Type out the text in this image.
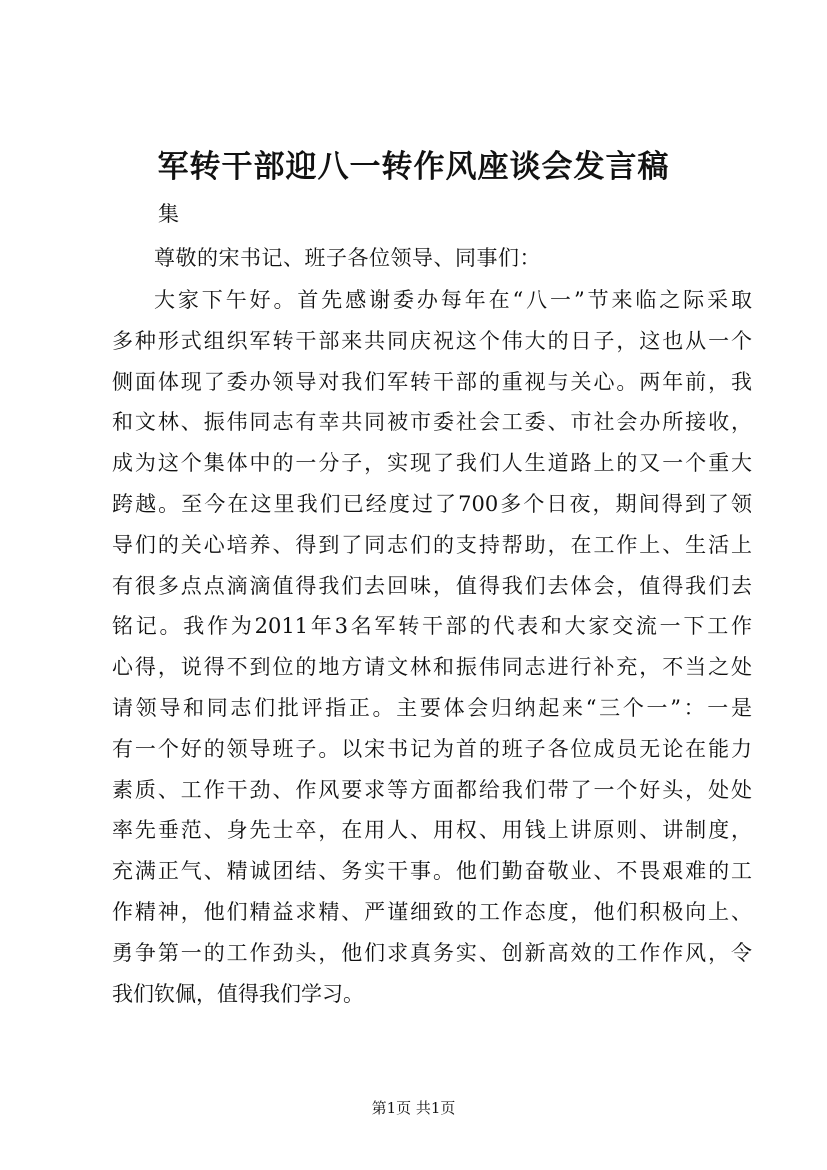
军转干部迎八一转作风座谈会发言稿
集
尊敬的宋书记、班子各位领导、同事们：
大家下午好。首先感谢委办每年在“八一”节来临之际采取
多种形式组织军转干部来共同庆祝这个伟大的日子，这也从一个
侧面体现了委办领导对我们军转干部的重视与关心。两年前，我
和文林、振伟同志有幸共同被市委社会工委、市社会办所接收，
成为这个集体中的一分子，实现了我们人生道路上的又一个重大
跨越。至今在这里我们已经度过了700多个日夜，期间得到了领
导们的关心培养、得到了同志们的支持帮助，在工作上、生活上
有很多点点滴滴值得我们去回味，值得我们去体会，值得我们去
铭记。我作为2011年3名军转干部的代表和大家交流一下工作
心得，说得不到位的地方请文林和振伟同志进行补充，不当之处
请领导和同志们批评指正。主要体会归纳起来“三个一”：一是
有一个好的领导班子。以宋书记为首的班子各位成员无论在能力
素质、工作干劲、作风要求等方面都给我们带了一个好头，处处
率先垂范、身先士卒，在用人、用权、用钱上讲原则、讲制度，
充满正气、精诚团结、务实干事。他们勤奋敬业、不畏艰难的工
作精神，他们精益求精、严谨细致的工作态度，他们积极向上、
勇争第一的工作劲头，他们求真务实、创新高效的工作作风，令
我们钦佩，值得我们学习。
第1页 共1页
